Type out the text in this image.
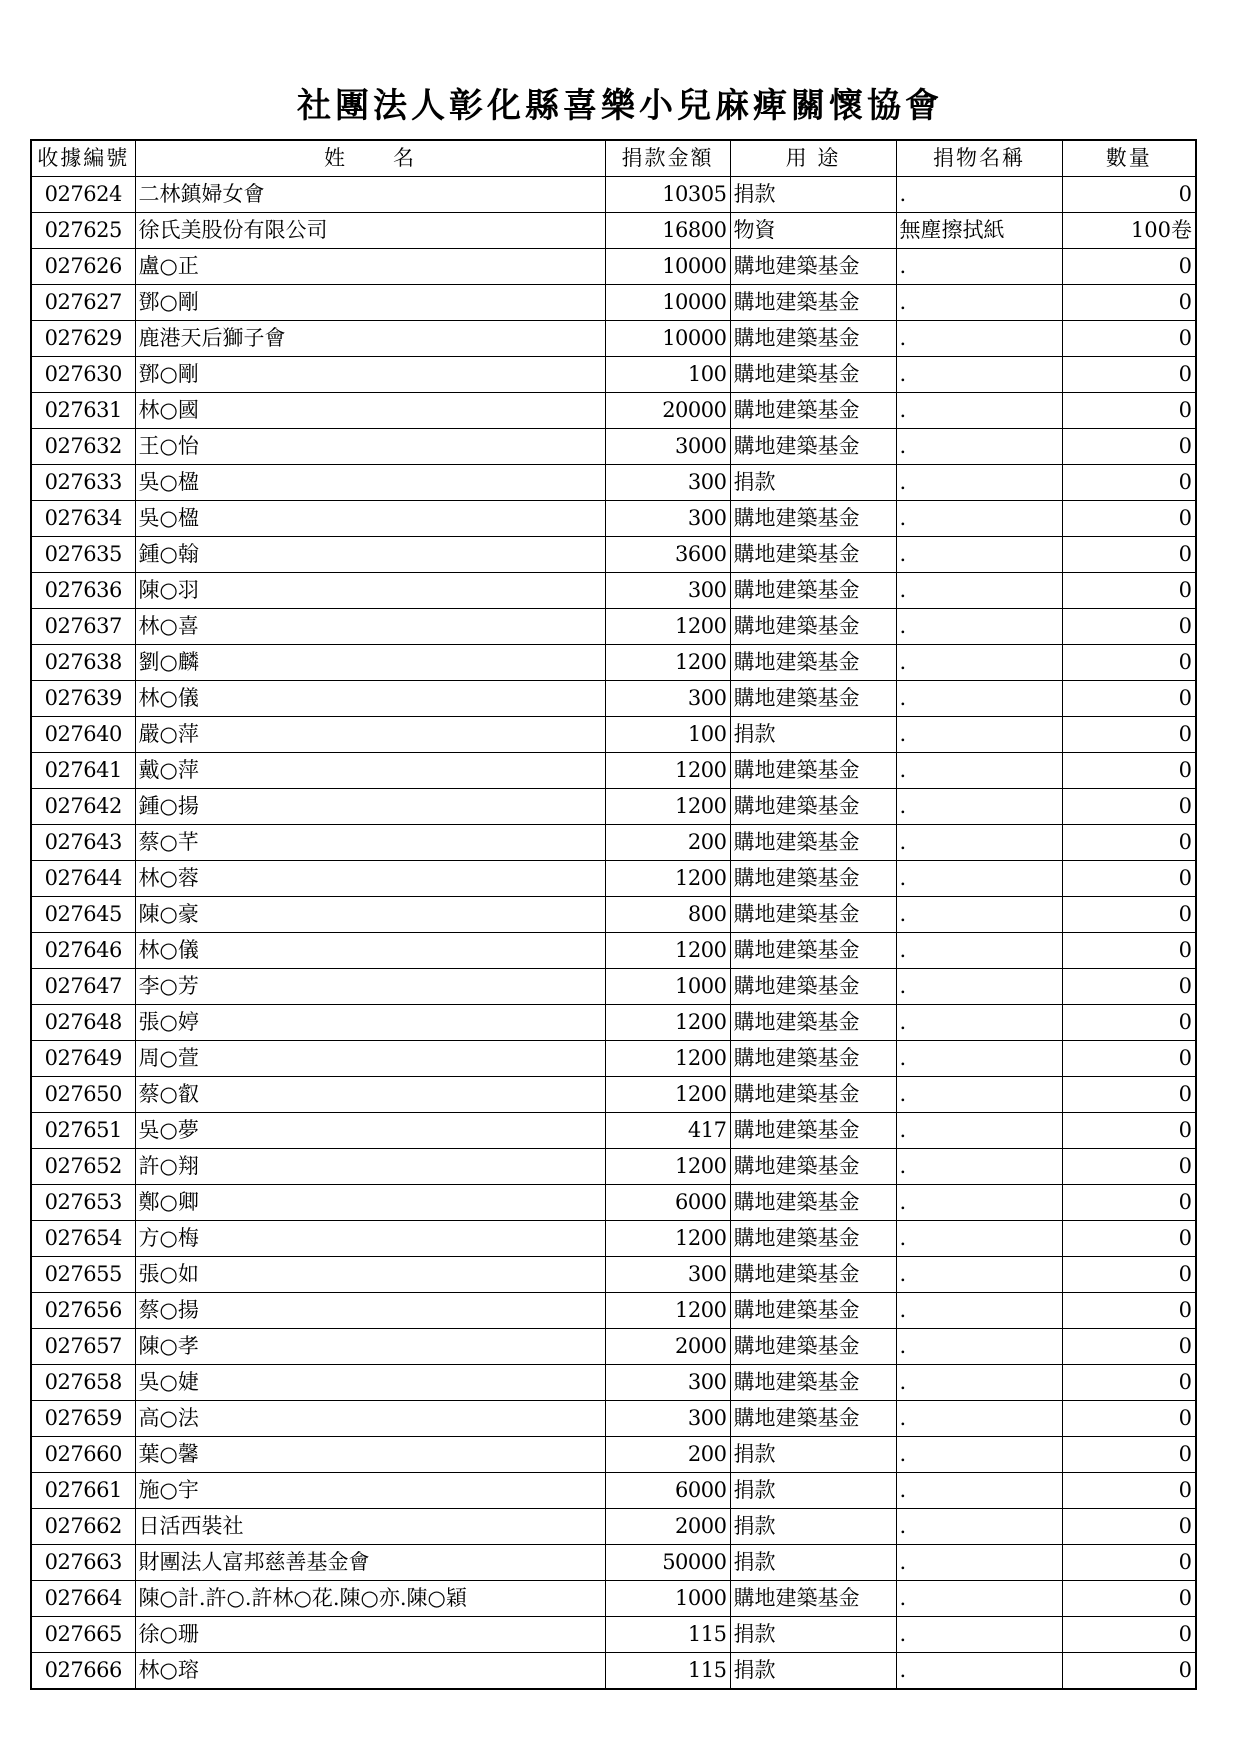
社團法人彰化縣喜樂小兒麻痺關懷協會
收據編號	姓　　名	捐款金額	用 途	捐物名稱	數量
027624	二林鎮婦女會	10305	捐款	.	0
027625	徐氏美股份有限公司	16800	物資	無塵擦拭紙	100卷
027626	盧○正	10000	購地建築基金	.	0
027627	鄧○剛	10000	購地建築基金	.	0
027629	鹿港天后獅子會	10000	購地建築基金	.	0
027630	鄧○剛	100	購地建築基金	.	0
027631	林○國	20000	購地建築基金	.	0
027632	王○怡	3000	購地建築基金	.	0
027633	吳○楹	300	捐款	.	0
027634	吳○楹	300	購地建築基金	.	0
027635	鍾○翰	3600	購地建築基金	.	0
027636	陳○羽	300	購地建築基金	.	0
027637	林○喜	1200	購地建築基金	.	0
027638	劉○麟	1200	購地建築基金	.	0
027639	林○儀	300	購地建築基金	.	0
027640	嚴○萍	100	捐款	.	0
027641	戴○萍	1200	購地建築基金	.	0
027642	鍾○揚	1200	購地建築基金	.	0
027643	蔡○芊	200	購地建築基金	.	0
027644	林○蓉	1200	購地建築基金	.	0
027645	陳○豪	800	購地建築基金	.	0
027646	林○儀	1200	購地建築基金	.	0
027647	李○芳	1000	購地建築基金	.	0
027648	張○婷	1200	購地建築基金	.	0
027649	周○萱	1200	購地建築基金	.	0
027650	蔡○叡	1200	購地建築基金	.	0
027651	吳○夢	417	購地建築基金	.	0
027652	許○翔	1200	購地建築基金	.	0
027653	鄭○卿	6000	購地建築基金	.	0
027654	方○梅	1200	購地建築基金	.	0
027655	張○如	300	購地建築基金	.	0
027656	蔡○揚	1200	購地建築基金	.	0
027657	陳○孝	2000	購地建築基金	.	0
027658	吳○婕	300	購地建築基金	.	0
027659	高○法	300	購地建築基金	.	0
027660	葉○馨	200	捐款	.	0
027661	施○宇	6000	捐款	.	0
027662	日活西裝社	2000	捐款	.	0
027663	財團法人富邦慈善基金會	50000	捐款	.	0
027664	陳○計.許○.許林○花.陳○亦.陳○穎	1000	購地建築基金	.	0
027665	徐○珊	115	捐款	.	0
027666	林○瑢	115	捐款	.	0
